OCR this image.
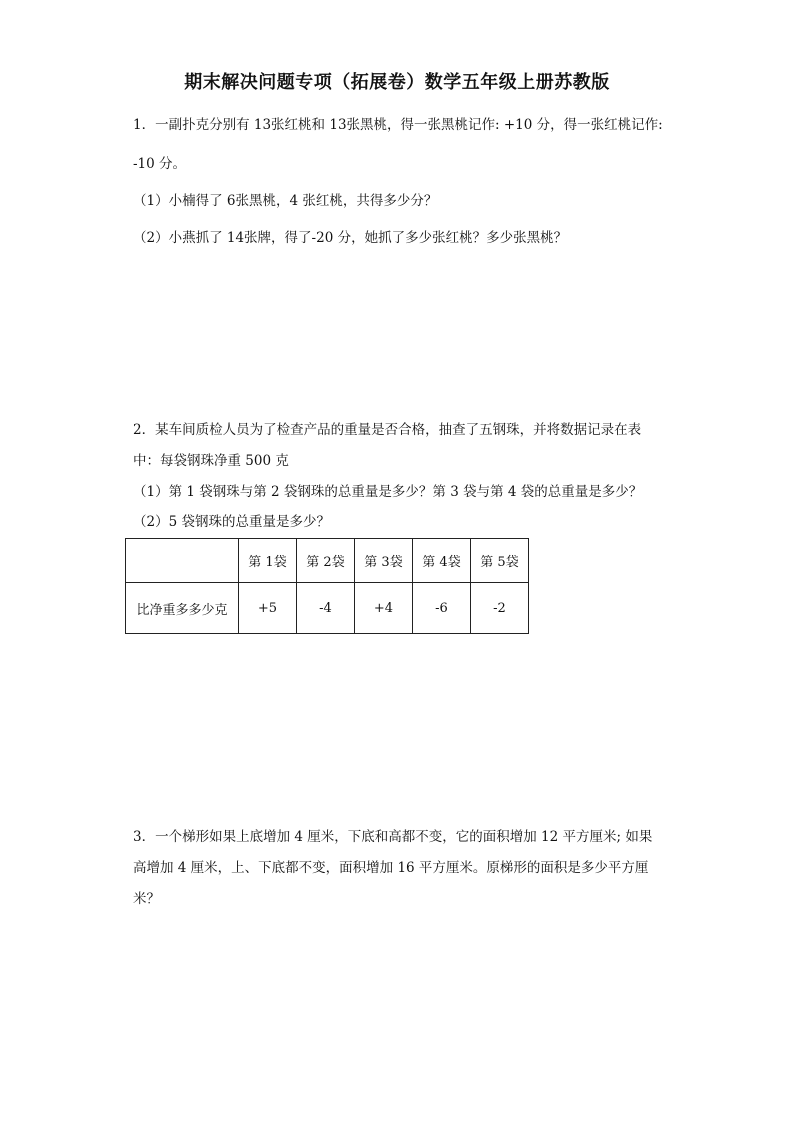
期末解决问题专项（拓展卷）数学五年级上册苏教版
1．一副扑克分别有 13张红桃和 13张黑桃，得一张黑桃记作: +10 分，得一张红桃记作:
-10 分。
（1）小楠得了 6张黑桃，4 张红桃，共得多少分？
（2）小燕抓了 14张牌，得了-20 分，她抓了多少张红桃？多少张黑桃？
2．某车间质检人员为了检查产品的重量是否合格，抽查了五钢珠，并将数据记录在表
中：每袋钢珠净重 500 克
（1）第 1 袋钢珠与第 2 袋钢珠的总重量是多少？第 3 袋与第 4 袋的总重量是多少？
（2）5 袋钢珠的总重量是多少？
	第 1袋	第 2袋	第 3袋	第 4袋	第 5袋
比净重多多少克	+5	-4	+4	-6	-2
3．一个梯形如果上底增加 4 厘米，下底和高都不变，它的面积增加 12 平方厘米; 如果
高增加 4 厘米，上、下底都不变，面积增加 16 平方厘米。原梯形的面积是多少平方厘
米？
